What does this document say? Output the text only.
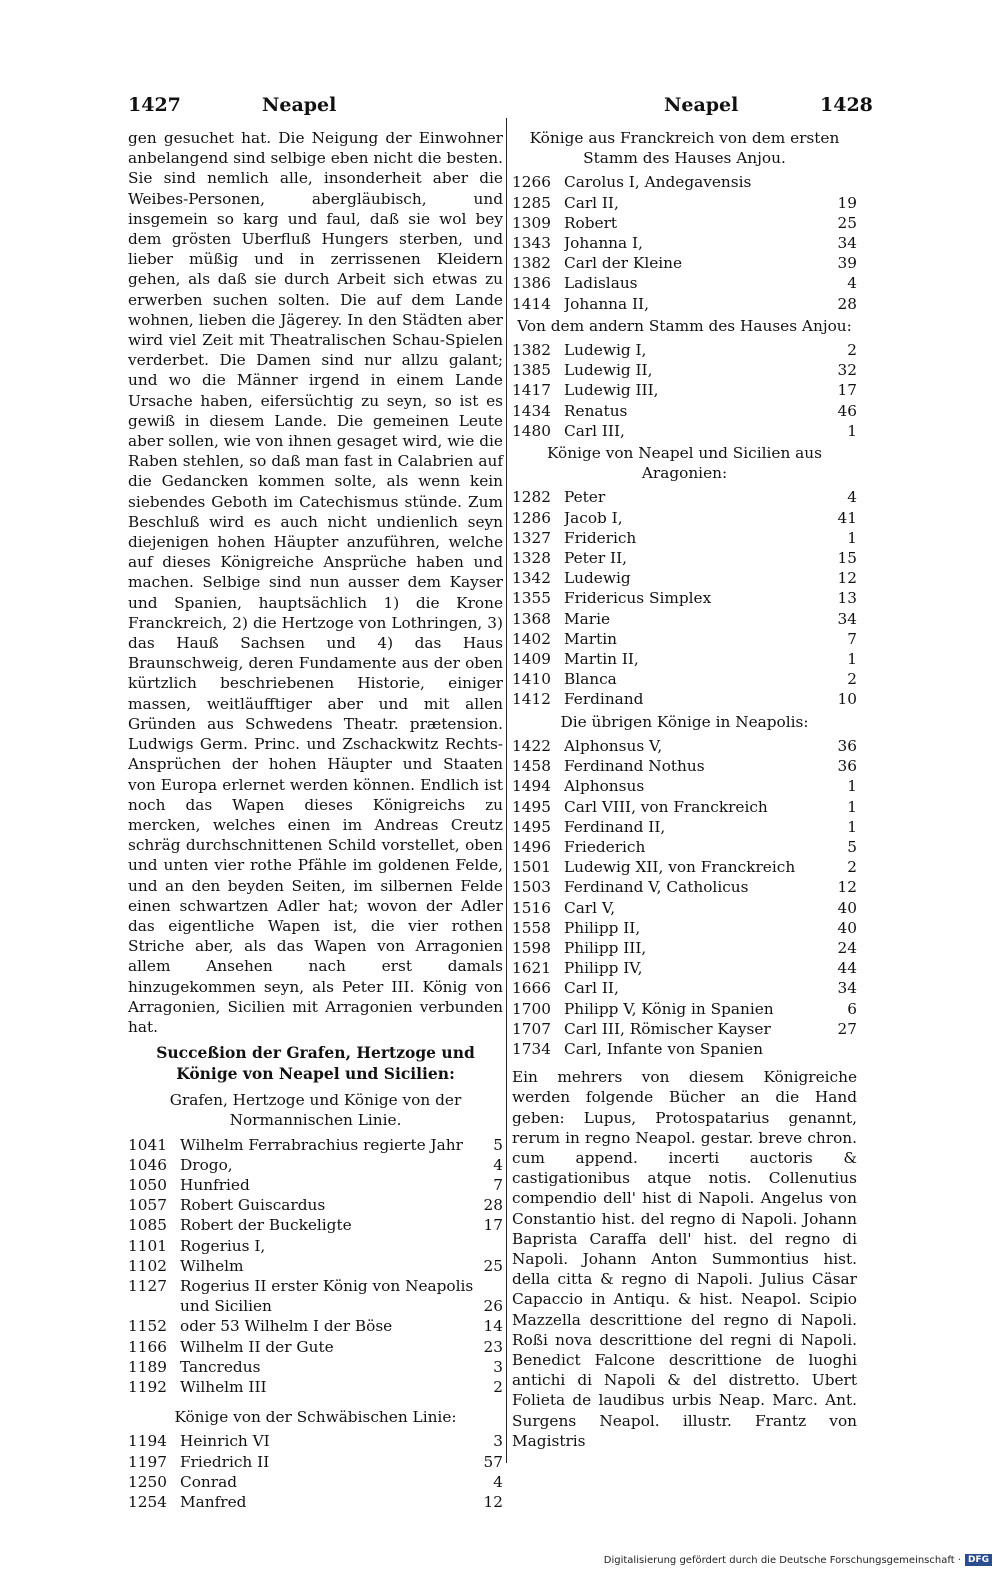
1427	Neapel	Neapel	1428

gen gesuchet hat. Die Neigung der Einwohner anbelangend sind selbige eben nicht die besten. Sie sind nemlich alle, insonderheit aber die Weibes-Personen, abergläubisch, und insgemein so karg und faul, daß sie wol bey dem grösten Uberfluß Hungers sterben, und lieber müßig und in zerrissenen Kleidern gehen, als daß sie durch Arbeit sich etwas zu erwerben suchen solten. Die auf dem Lande wohnen, lieben die Jägerey. In den Städten aber wird viel Zeit mit Theatralischen Schau-Spielen verderbet. Die Damen sind nur allzu galant; und wo die Männer irgend in einem Lande Ursache haben, eifersüchtig zu seyn, so ist es gewiß in diesem Lande. Die gemeinen Leute aber sollen, wie von ihnen gesaget wird, wie die Raben stehlen, so daß man fast in Calabrien auf die Gedancken kommen solte, als wenn kein siebendes Geboth im Catechismus stünde. Zum Beschluß wird es auch nicht undienlich seyn diejenigen hohen Häupter anzuführen, welche auf dieses Königreiche Ansprüche haben und machen. Selbige sind nun ausser dem Kayser und Spanien, hauptsächlich 1) die Krone Franckreich, 2) die Hertzoge von Lothringen, 3) das Hauß Sachsen und 4) das Haus Braunschweig, deren Fundamente aus der oben kürtzlich beschriebenen Historie, einiger massen, weitläufftiger aber und mit allen Gründen aus Schwedens Theatr. prætension. Ludwigs Germ. Princ. und Zschackwitz Rechts-Ansprüchen der hohen Häupter und Staaten von Europa erlernet werden können. Endlich ist noch das Wapen dieses Königreichs zu mercken, welches einen im Andreas Creutz schräg durchschnittenen Schild vorstellet, oben und unten vier rothe Pfähle im goldenen Felde, und an den beyden Seiten, im silbernen Felde einen schwartzen Adler hat; wovon der Adler das eigentliche Wapen ist, die vier rothen Striche aber, als das Wapen von Arragonien allem Ansehen nach erst damals hinzugekommen seyn, als Peter III. König von Arragonien, Sicilien mit Arragonien verbunden hat.

Succeßion der Grafen, Hertzoge und Könige von Neapel und Sicilien:
Grafen, Hertzoge und Könige von der Normannischen Linie.
1041	Wilhelm Ferrabrachius regierte Jahr	5
1046	Drogo,	4
1050	Hunfried	7
1057	Robert Guiscardus	28
1085	Robert der Buckeligte	17
1101	Rogerius I,	
1102	Wilhelm	25
1127	Rogerius II erster König von Neapolis	
	und Sicilien	26
1152	oder 53 Wilhelm I der Böse	14
1166	Wilhelm II der Gute	23
1189	Tancredus	3
1192	Wilhelm III	2
Könige von der Schwäbischen Linie:
1194	Heinrich VI	3
1197	Friedrich II	57
1250	Conrad	4
1254	Manfred	12
Könige aus Franckreich von dem ersten Stamm des Hauses Anjou.
1266	Carolus I, Andegavensis	
1285	Carl II,	19
1309	Robert	25
1343	Johanna I,	34
1382	Carl der Kleine	39
1386	Ladislaus	4
1414	Johanna II,	28
Von dem andern Stamm des Hauses Anjou:
1382	Ludewig I,	2
1385	Ludewig II,	32
1417	Ludewig III,	17
1434	Renatus	46
1480	Carl III,	1
Könige von Neapel und Sicilien aus Aragonien:
1282	Peter	4
1286	Jacob I,	41
1327	Friderich	1
1328	Peter II,	15
1342	Ludewig	12
1355	Fridericus Simplex	13
1368	Marie	34
1402	Martin	7
1409	Martin II,	1
1410	Blanca	2
1412	Ferdinand	10
Die übrigen Könige in Neapolis:
1422	Alphonsus V,	36
1458	Ferdinand Nothus	36
1494	Alphonsus	1
1495	Carl VIII, von Franckreich	1
1495	Ferdinand II,	1
1496	Friederich	5
1501	Ludewig XII, von Franckreich	2
1503	Ferdinand V, Catholicus	12
1516	Carl V,	40
1558	Philipp II,	40
1598	Philipp III,	24
1621	Philipp IV,	44
1666	Carl II,	34
1700	Philipp V, König in Spanien	6
1707	Carl III, Römischer Kayser	27
1734	Carl, Infante von Spanien	

Ein mehrers von diesem Königreiche werden folgende Bücher an die Hand geben: Lupus, Protospatarius genannt, rerum in regno Neapol. gestar. breve chron. cum append. incerti auctoris & castigationibus atque notis. Collenutius compendio dell' hist di Napoli. Angelus von Constantio hist. del regno di Napoli. Johann Baprista Caraffa dell' hist. del regno di Napoli. Johann Anton Summontius hist. della citta & regno di Napoli. Julius Cäsar Capaccio in Antiqu. & hist. Neapol. Scipio Mazzella descrittione del regno di Napoli. Roßi nova descrittione del regni di Napoli. Benedict Falcone descrittione de luoghi antichi di Napoli & del distretto. Ubert Folieta de laudibus urbis Neap. Marc. Ant. Surgens Neapol. illustr. Frantz von Magistris

Digitalisierung gefördert durch die Deutsche Forschungsgemeinschaft · DFG
